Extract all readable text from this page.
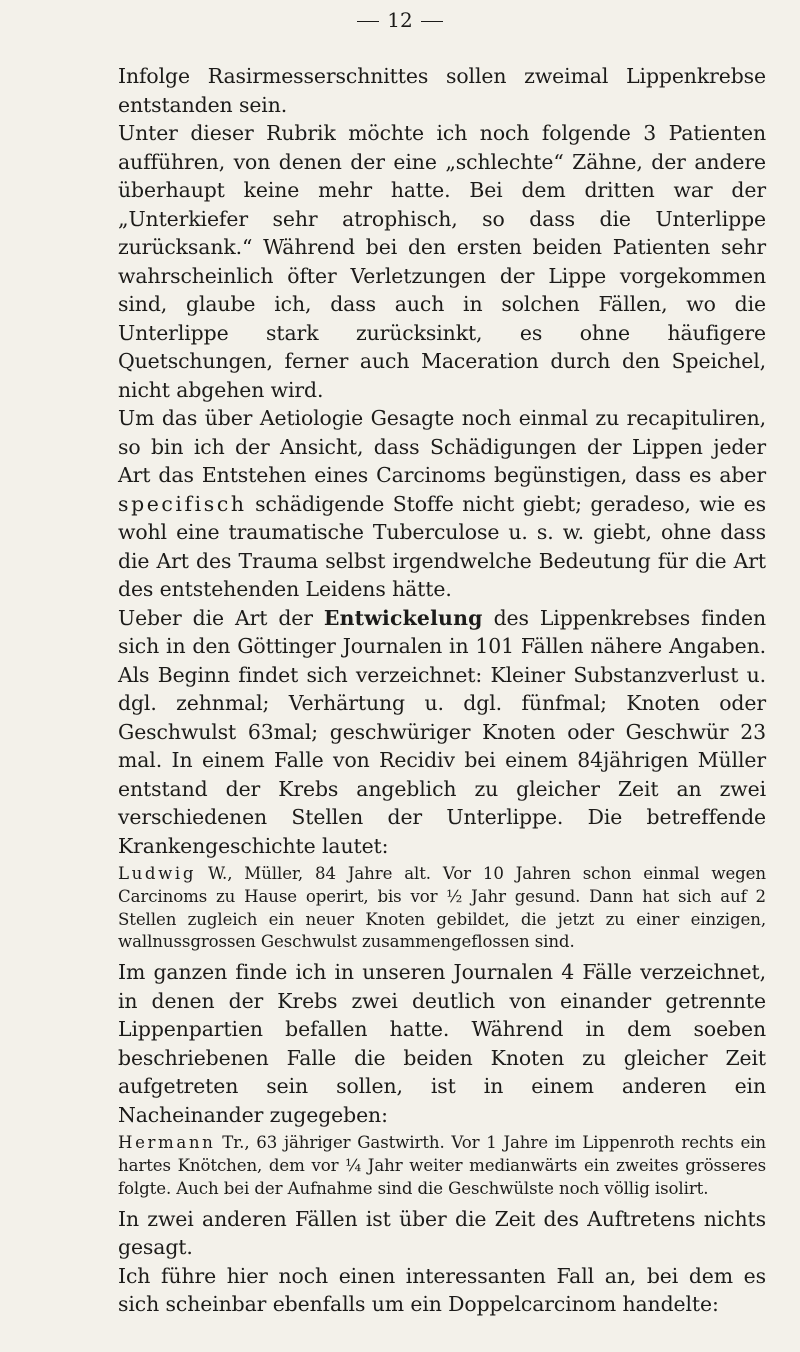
12

Infolge Rasirmesserschnittes sollen zweimal Lippenkrebse entstanden sein.

Unter dieser Rubrik möchte ich noch folgende 3 Patienten aufführen, von denen der eine „schlechte“ Zähne, der andere überhaupt keine mehr hatte. Bei dem dritten war der „Unterkiefer sehr atrophisch, so dass die Unterlippe zurücksank.“ Während bei den ersten beiden Patienten sehr wahrscheinlich öfter Verletzungen der Lippe vorgekommen sind, glaube ich, dass auch in solchen Fällen, wo die Unterlippe stark zurücksinkt, es ohne häufigere Quetschungen, ferner auch Maceration durch den Speichel, nicht abgehen wird.

Um das über Aetiologie Gesagte noch einmal zu recapituliren, so bin ich der Ansicht, dass Schädigungen der Lippen jeder Art das Entstehen eines Carcinoms begünstigen, dass es aber specifisch schädigende Stoffe nicht giebt; geradeso, wie es wohl eine traumatische Tuberculose u. s. w. giebt, ohne dass die Art des Trauma selbst irgendwelche Bedeutung für die Art des entstehenden Leidens hätte.

Ueber die Art der Entwickelung des Lippenkrebses finden sich in den Göttinger Journalen in 101 Fällen nähere Angaben. Als Beginn findet sich verzeichnet: Kleiner Substanzverlust u. dgl. zehnmal; Verhärtung u. dgl. fünfmal; Knoten oder Geschwulst 63mal; geschwüriger Knoten oder Geschwür 23 mal. In einem Falle von Recidiv bei einem 84jährigen Müller entstand der Krebs angeblich zu gleicher Zeit an zwei verschiedenen Stellen der Unterlippe. Die betreffende Krankengeschichte lautet:

Ludwig W., Müller, 84 Jahre alt. Vor 10 Jahren schon einmal wegen Carcinoms zu Hause operirt, bis vor ½ Jahr gesund. Dann hat sich auf 2 Stellen zugleich ein neuer Knoten gebildet, die jetzt zu einer einzigen, wallnussgrossen Geschwulst zusammengeflossen sind.

Im ganzen finde ich in unseren Journalen 4 Fälle verzeichnet, in denen der Krebs zwei deutlich von einander getrennte Lippenpartien befallen hatte. Während in dem soeben beschriebenen Falle die beiden Knoten zu gleicher Zeit aufgetreten sein sollen, ist in einem anderen ein Nacheinander zugegeben:

Hermann Tr., 63 jähriger Gastwirth. Vor 1 Jahre im Lippenroth rechts ein hartes Knötchen, dem vor ¼ Jahr weiter medianwärts ein zweites grösseres folgte. Auch bei der Aufnahme sind die Geschwülste noch völlig isolirt.

In zwei anderen Fällen ist über die Zeit des Auftretens nichts gesagt.

Ich führe hier noch einen interessanten Fall an, bei dem es sich scheinbar ebenfalls um ein Doppelcarcinom handelte:
